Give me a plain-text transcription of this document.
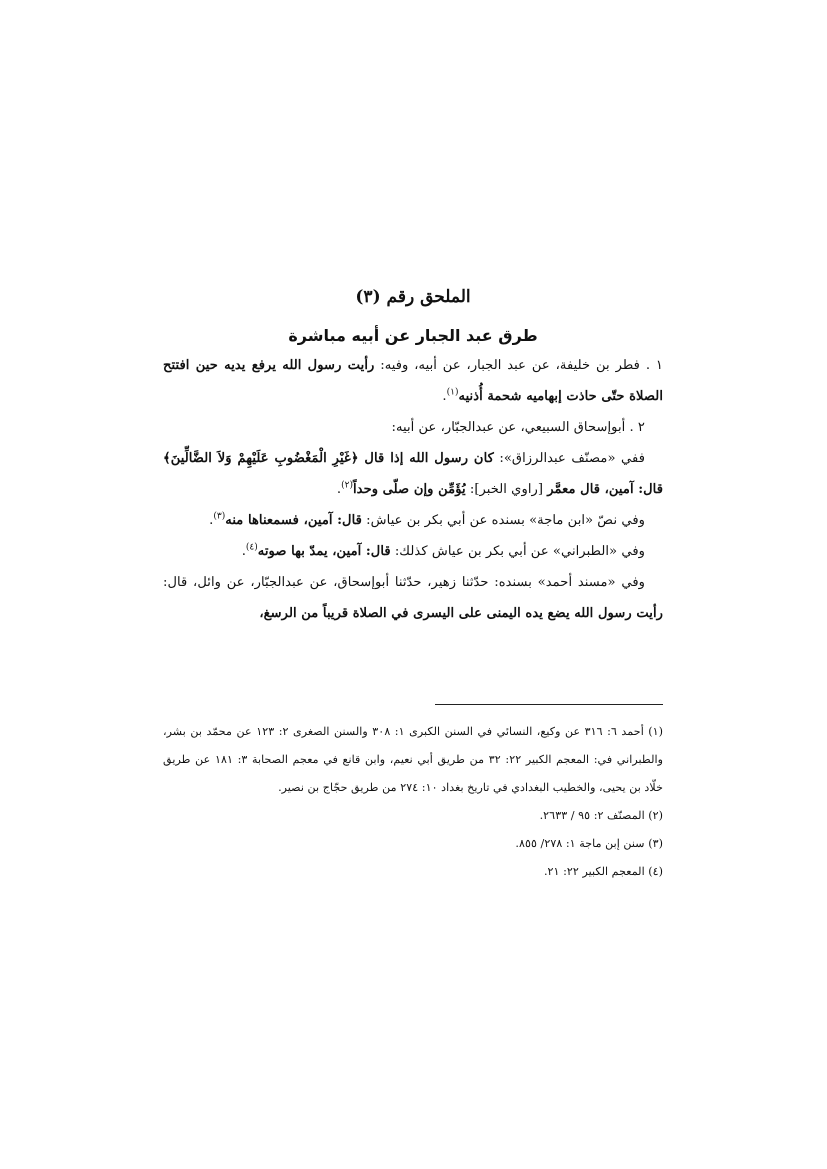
الملحق رقم (٣)
طرق عبد الجبار عن أبيه مباشرة

١ . فطر بن خليفة، عن عبد الجبار، عن أبيه، وفيه: رأيت رسول الله يرفع يديه حين افتتح الصلاة حتّى حاذت إبهاميه شحمة أُذنيه$^{(١)}$.

٢ . أبوإسحاق السبيعي، عن عبدالجبّار، عن أبيه:

ففي «مصنّف عبدالرزاق»: كان رسول الله إذا قال ﴿غَيْرِ الْمَغْضُوبِ عَلَيْهِمْ وَلاَ الضَّالِّينَ﴾ قال: آمين، قال معمَّر [راوي الخبر]: يُؤَمِّن وإن صلّى وحداً$^{(٢)}$.

وفي نصّ «ابن ماجة» بسنده عن أبي بكر بن عياش: قال: آمين، فسمعناها منه$^{(٣)}$.

وفي «الطبراني» عن أبي بكر بن عياش كذلك: قال: آمين، يمدّ بها صوته$^{(٤)}$.

وفي «مسند أحمد» بسنده: حدّثنا زهير، حدّثنا أبوإسحاق، عن عبدالجبّار، عن وائل، قال: رأيت رسول الله يضع يده اليمنى على اليسرى في الصلاة قريباً من الرسغ،

(١) أحمد ٦: ٣١٦ عن وكيع، النسائي في السنن الكبرى ١: ٣٠٨ والسنن الصغرى ٢: ١٢٣ عن محمّد بن بشر، والطبراني في: المعجم الكبير ٢٢: ٣٢ من طريق أبي نعيم، وابن قانع في معجم الصحابة ٣: ١٨١ عن طريق خلّاد بن يحيى، والخطيب البغدادي في تاريخ بغداد ١٠: ٢٧٤ من طريق حجّاج بن نصير.

(٢) المصنّف ٢: ٩٥ / ٢٦٣٣.

(٣) سنن إبن ماجة ١: ٢٧٨/ ٨٥٥.

(٤) المعجم الكبير ٢٢: ٢١.
